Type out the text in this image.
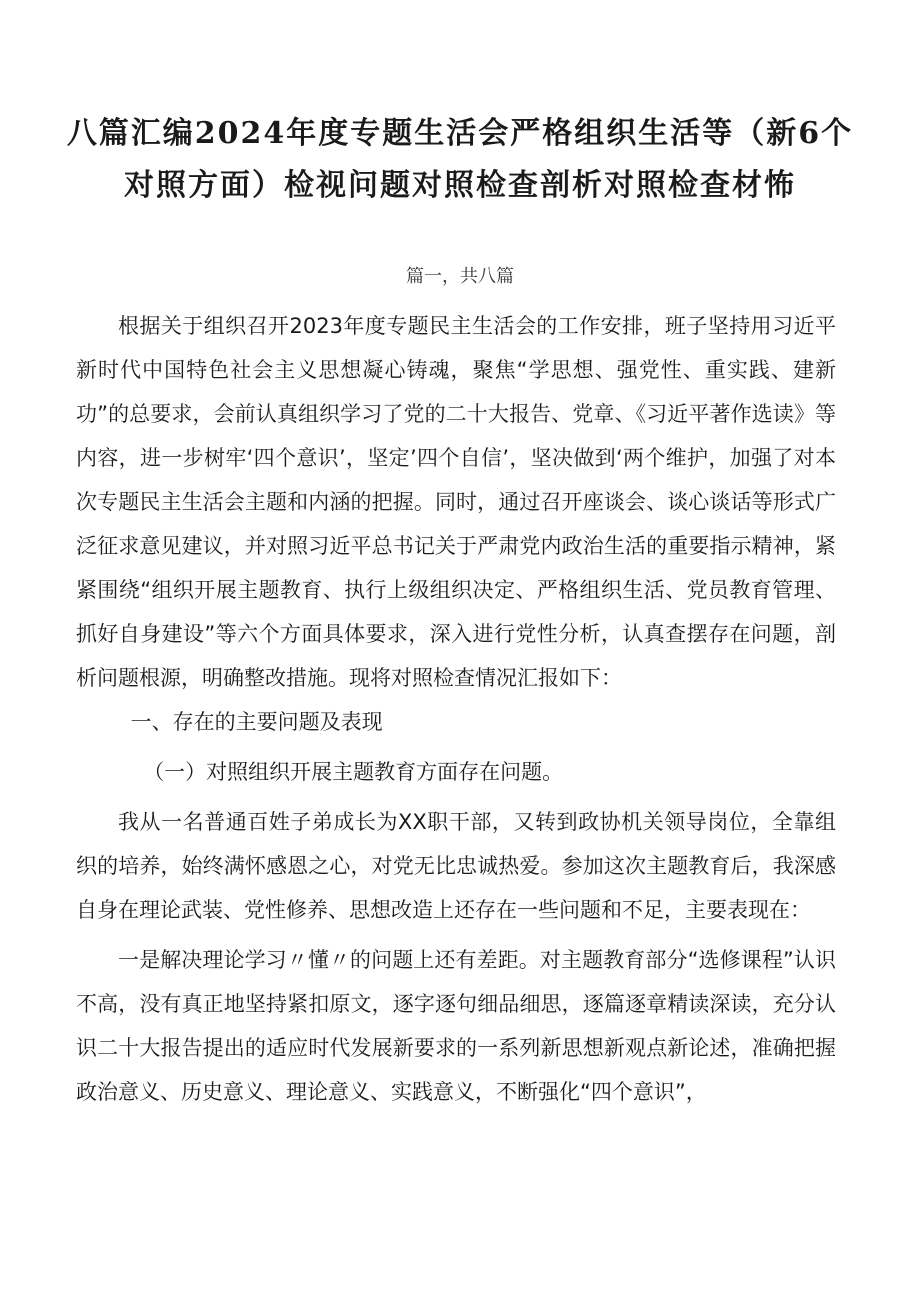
八篇汇编2024年度专题生活会严格组织生活等（新6个对照方面）检视问题对照检查剖析对照检查材怖
篇一，共八篇

根据关于组织召开2023年度专题民主生活会的工作安排，班子坚持用习近平新时代中国特色社会主义思想凝心铸魂，聚焦“学思想、强党性、重实践、建新功”的总要求，会前认真组织学习了党的二十大报告、党章、《习近平著作选读》等内容，进一步树牢‘四个意识’，坚定’四个自信’，坚决做到‘两个维护，加强了对本次专题民主生活会主题和内涵的把握。同时，通过召开座谈会、谈心谈话等形式广泛征求意见建议，并对照习近平总书记关于严肃党内政治生活的重要指示精神，紧紧围绕“组织开展主题教育、执行上级组织决定、严格组织生活、党员教育管理、抓好自身建设”等六个方面具体要求，深入进行党性分析，认真查摆存在问题，剖析问题根源，明确整改措施。现将对照检查情况汇报如下：

一、存在的主要问题及表现

（一）对照组织开展主题教育方面存在问题。

我从一名普通百姓子弟成长为XX职干部，又转到政协机关领导岗位，全靠组织的培养，始终满怀感恩之心，对党无比忠诚热爱。参加这次主题教育后，我深感自身在理论武装、党性修养、思想改造上还存在一些问题和不足，主要表现在：

一是解决理论学习〃懂〃的问题上还有差距。对主题教育部分“选修课程”认识不高，没有真正地坚持紧扣原文，逐字逐句细品细思，逐篇逐章精读深读，充分认识二十大报告提出的适应时代发展新要求的一系列新思想新观点新论述，准确把握政治意义、历史意义、理论意义、实践意义，不断强化“四个意识”，
